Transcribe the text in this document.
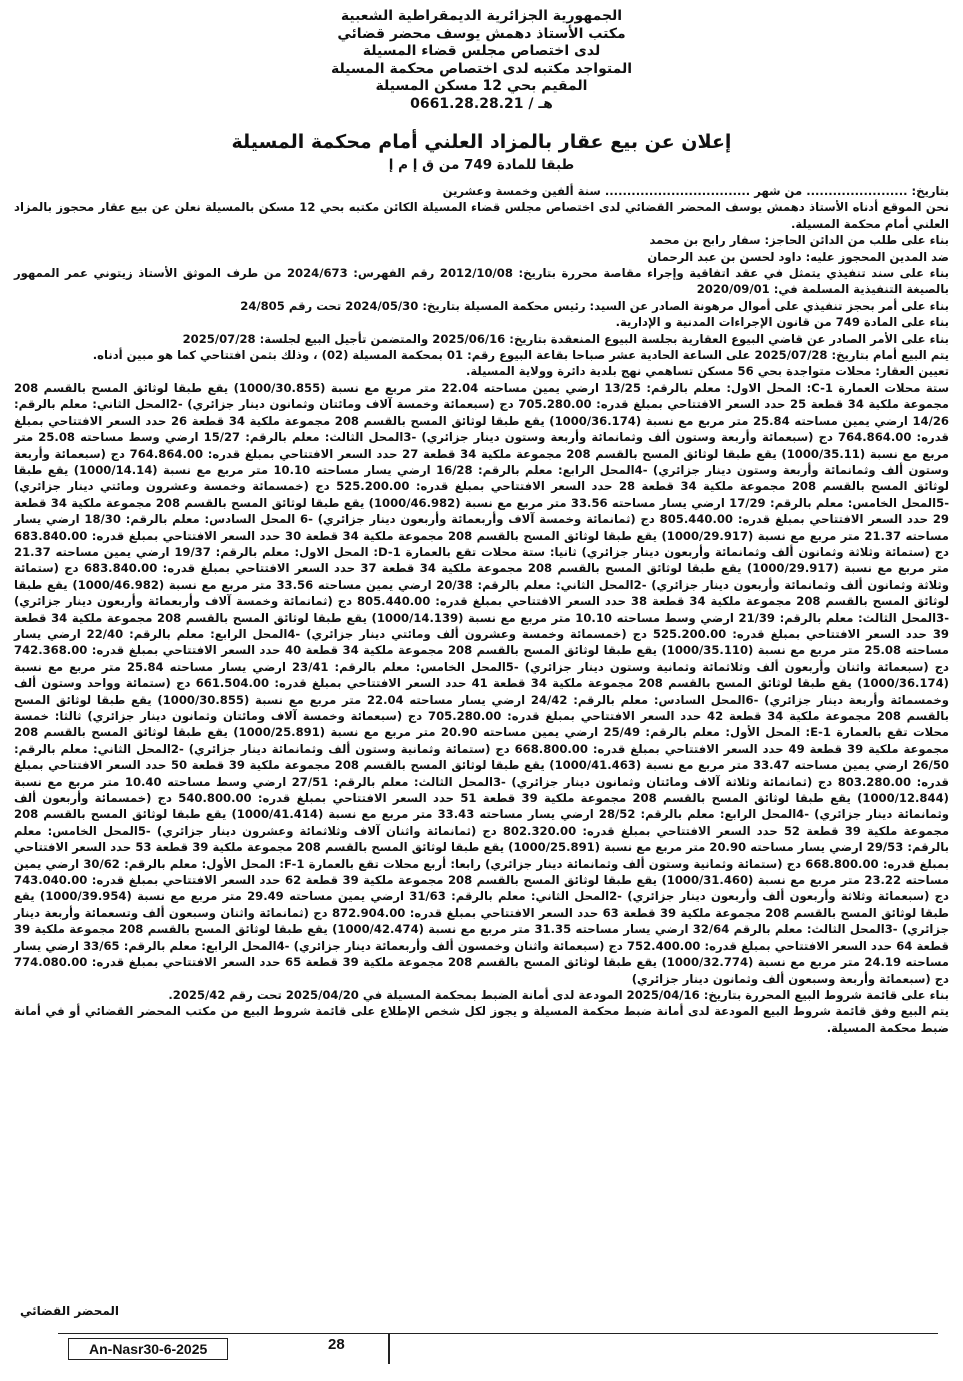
الجمهورية الجزائرية الديمقراطية الشعبية
مكتب الأستاذ دهمش يوسف محضر قضائي
لدى اختصاص مجلس قضاء المسيلة
المتواجد مكتبه لدى اختصاص محكمة المسيلة
المقيم بحي 12 مسكن المسيلة
هـ / 0661.28.28.21
إعلان عن بيع عقار بالمزاد العلني أمام محكمة المسيلة
طبقا للمادة 749 من ق إ م إ

بتاريخ: ....................... من شهر ................................. سنة ألفين وخمسة وعشرين

نحن الموقع أدناه الأستاذ دهمش يوسف المحضر القضائي لدى اختصاص مجلس قضاء المسيلة الكائن مكتبه بحي 12 مسكن بالمسيلة نعلن عن بيع عقار محجوز بالمزاد العلني أمام محكمة المسيلة.

بناء على طلب من الدائن الحاجز: سفار رابح بن محمد

ضد المدين المحجوز عليه: داود لحسن بن عبد الرحمان

بناء على سند تنفيذي يتمثل في عقد اتفاقية وإجراء مقاصة محررة بتاريخ: 2012/10/08 رقم الفهرس: 2024/673 من طرف الموثق الأستاذ زيتوني عمر الممهور بالصيغة التنفيذية المسلمة في: 2020/09/01

بناء على أمر بحجز تنفيذي على أموال مرهونة الصادر عن السيد: رئيس محكمة المسيلة بتاريخ: 2024/05/30 تحت رقم 24/805

بناء على المادة 749 من قانون الإجراءات المدنية و الإدارية.

بناء على الأمر الصادر عن قاضي البيوع العقارية بجلسة البيوع المنعقدة بتاريخ: 2025/06/16 والمتضمن تأجيل البيع لجلسة: 2025/07/28

يتم البيع أمام بتاريخ: 2025/07/28 على الساعة الحادية عشر صباحا بقاعة البيوع رقم: 01 بمحكمة المسيلة (02) ، وذلك بثمن افتتاحي كما هو مبين أدناه.

تعيين العقار: محلات متواجدة بحي 56 مسكن تساهمي نهج بلدية دائرة وولاية المسيلة.

ستة محلات العمارة C-1: المحل الاول: معلم بالرقم: 13/25 ارضي يمين مساحته 22.04 متر مربع مع نسبة (1000/30.855) يقع طبقا لوثائق المسح بالقسم 208 مجموعة ملكية 34 قطعة 25 حدد السعر الافتتاحي بمبلغ قدره: 705.280.00 دج (سبعمائة وخمسة آلاف ومائتان وثمانون دينار جزائري) -2المحل الثاني: معلم بالرقم: 14/26 ارضي يمين مساحته 25.84 متر مربع مع نسبة (1000/36.174) يقع طبقا لوثائق المسح بالقسم 208 مجموعة ملكية 34 قطعة 26 حدد السعر الافتتاحي بمبلغ قدره: 764.864.00 دج (سبعمائة وأربعة وستون ألف وثمانمائة وأربعة وستون دينار جزائري) -3المحل الثالث: معلم بالرقم: 15/27 ارضي وسط مساحته 25.08 متر مربع مع نسبة (1000/35.11) يقع طبقا لوثائق المسح بالقسم 208 مجموعة ملكية 34 قطعة 27 حدد السعر الافتتاحي بمبلغ قدره: 764.864.00 دج (سبعمائة وأربعة وستون ألف وثمانمائة وأربعة وستون دينار جزائري) -4المحل الرابع: معلم بالرقم: 16/28 ارضي يسار مساحته 10.10 متر مربع مع نسبة (1000/14.14) يقع طبقا لوثائق المسح بالقسم 208 مجموعة ملكية 34 قطعة 28 حدد السعر الافتتاحي بمبلغ قدره: 525.200.00 دج (خمسمائة وخمسة وعشرون ومائتي دينار جزائري) -5المحل الخامس: معلم بالرقم: 17/29 ارضي يسار مساحته 33.56 متر مربع مع نسبة (1000/46.982) يقع طبقا لوثائق المسح بالقسم 208 مجموعة ملكية 34 قطعة 29 حدد السعر الافتتاحي بمبلغ قدره: 805.440.00 دج (ثمانمائة وخمسة آلاف وأربعمائة وأربعون دينار جزائري) -6 المحل السادس: معلم بالرقم: 18/30 ارضي يسار مساحته 21.37 متر مربع مع نسبة (1000/29.917) يقع طبقا لوثائق المسح بالقسم 208 مجموعة ملكية 34 قطعة 30 حدد السعر الافتتاحي بمبلغ قدره: 683.840.00 دج (ستمائة وثلاثة وثمانون ألف وثمانمائة وأربعون دينار جزائري) ثانيا: ستة محلات تقع بالعمارة D-1: المحل الاول: معلم بالرقم: 19/37 ارضي يمين مساحته 21.37 متر مربع مع نسبة (1000/29.917) يقع طبقا لوثائق المسح بالقسم 208 مجموعة ملكية 34 قطعة 37 حدد السعر الافتتاحي بمبلغ قدره: 683.840.00 دج (ستمائة وثلاثة وثمانون ألف وثمانمائة وأربعون دينار جزائري) -2المحل الثاني: معلم بالرقم: 20/38 ارضي يمين مساحته 33.56 متر مربع مع نسبة (1000/46.982) يقع طبقا لوثائق المسح بالقسم 208 مجموعة ملكية 34 قطعة 38 حدد السعر الافتتاحي بمبلغ قدره: 805.440.00 دج (ثمانمائة وخمسة آلاف وأربعمائة وأربعون دينار جزائري) -3المحل الثالث: معلم بالرقم: 21/39 ارضي وسط مساحته 10.10 متر مربع مع نسبة (1000/14.139) يقع طبقا لوثائق المسح بالقسم 208 مجموعة ملكية 34 قطعة 39 حدد السعر الافتتاحي بمبلغ قدره: 525.200.00 دج (خمسمائة وخمسة وعشرون ألف ومائتي دينار جزائري) -4المحل الرابع: معلم بالرقم: 22/40 ارضي يسار مساحته 25.08 متر مربع مع نسبة (1000/35.110) يقع طبقا لوثائق المسح بالقسم 208 مجموعة ملكية 34 قطعة 40 حدد السعر الافتتاحي بمبلغ قدره: 742.368.00 دج (سبعمائة واثنان وأربعون ألف وثلاثمائة وثمانية وستون دينار جزائري) -5المحل الخامس: معلم بالرقم: 23/41 ارضي يسار مساحته 25.84 متر مربع مع نسبة (1000/36.174) يقع طبقا لوثائق المسح بالقسم 208 مجموعة ملكية 34 قطعة 41 حدد السعر الافتتاحي بمبلغ قدره: 661.504.00 دج (ستمائة وواحد وستون ألف وخمسمائة وأربعة دينار جزائري) -6المحل السادس: معلم بالرقم: 24/42 ارضي يسار مساحته 22.04 متر مربع مع نسبة (1000/30.855) يقع طبقا لوثائق المسح بالقسم 208 مجموعة ملكية 34 قطعة 42 حدد السعر الافتتاحي بمبلغ قدره: 705.280.00 دج (سبعمائة وخمسة آلاف ومائتان وثمانون دينار جزائري) ثالثا: خمسة محلات تقع بالعمارة E-1: المحل الأول: معلم بالرقم: 25/49 ارضي يمين مساحته 20.90 متر مربع مع نسبة (1000/25.891) يقع طبقا لوثائق المسح بالقسم 208 مجموعة ملكية 39 قطعة 49 حدد السعر الافتتاحي بمبلغ قدره: 668.800.00 دج (ستمائة وثمانية وستون ألف وثمانمائة دينار جزائري) -2المحل الثاني: معلم بالرقم: 26/50 ارضي يمين مساحته 33.47 متر مربع مع نسبة (1000/41.463) يقع طبقا لوثائق المسح بالقسم 208 مجموعة ملكية 39 قطعة 50 حدد السعر الافتتاحي بمبلغ قدره: 803.280.00 دج (ثمانمائة وثلاثة آلاف ومائتان وثمانون دينار جزائري) -3المحل الثالث: معلم بالرقم: 27/51 ارضي وسط مساحته 10.40 متر مربع مع نسبة (1000/12.844) يقع طبقا لوثائق المسح بالقسم 208 مجموعة ملكية 39 قطعة 51 حدد السعر الافتتاحي بمبلغ قدره: 540.800.00 دج (خمسمائة وأربعون ألف وثمانمائة دينار جزائري) -4المحل الرابع: معلم بالرقم: 28/52 ارضي يسار مساحته 33.43 متر مربع مع نسبة (1000/41.414) يقع طبقا لوثائق المسح بالقسم 208 مجموعة ملكية 39 قطعة 52 حدد السعر الافتتاحي بمبلغ قدره: 802.320.00 دج (ثمانمائة واثنان آلاف وثلاثمائة وعشرون دينار جزائري) -5المحل الخامس: معلم بالرقم: 29/53 ارضي يسار مساحته 20.90 متر مربع مع نسبة (1000/25.891) يقع طبقا لوثائق المسح بالقسم 208 مجموعة ملكية 39 قطعة 53 حدد السعر الافتتاحي بمبلغ قدره: 668.800.00 دج (ستمائة وثمانية وستون ألف وثمانمائة دينار جزائري) رابعا: أربع محلات تقع بالعمارة F-1: المحل الأول: معلم بالرقم: 30/62 ارضي يمين مساحته 23.22 متر مربع مع نسبة (1000/31.460) يقع طبقا لوثائق المسح بالقسم 208 مجموعة ملكية 39 قطعة 62 حدد السعر الافتتاحي بمبلغ قدره: 743.040.00 دج (سبعمائة وثلاثة وأربعون ألف وأربعون دينار جزائري) -2المحل الثاني: معلم بالرقم: 31/63 ارضي يمين مساحته 29.49 متر مربع مع نسبة (1000/39.954) يقع طبقا لوثائق المسح بالقسم 208 مجموعة ملكية 39 قطعة 63 حدد السعر الافتتاحي بمبلغ قدره: 872.904.00 دج (ثمانمائة واثنان وسبعون ألف وتسعمائة وأربعة دينار جزائري) -3المحل الثالث: معلم بالرقم 32/64 ارضي يسار مساحته 31.35 متر مربع مع نسبة (1000/42.474) يقع طبقا لوثائق المسح بالقسم 208 مجموعة ملكية 39 قطعة 64 حدد السعر الافتتاحي بمبلغ قدره: 752.400.00 دج (سبعمائة واثنان وخمسون ألف وأربعمائة دينار جزائري) -4المحل الرابع: معلم بالرقم: 33/65 ارضي يسار مساحته 24.19 متر مربع مع نسبة (1000/32.774) يقع طبقا لوثائق المسح بالقسم 208 مجموعة ملكية 39 قطعة 65 حدد السعر الافتتاحي بمبلغ قدره: 774.080.00 دج (سبعمائة وأربعة وسبعون ألف وثمانون دينار جزائري)

بناء على قائمة شروط البيع المحررة بتاريخ: 2025/04/16 المودعة لدى أمانة الضبط بمحكمة المسيلة في 2025/04/20 تحت رقم 2025/42.

يتم البيع وفق قائمة شروط البيع المودعة لدى أمانة ضبط محكمة المسيلة و يجوز لكل شخص الإطلاع على قائمة شروط البيع من مكتب المحضر القضائي أو في أمانة ضبط محكمة المسيلة.

المحضر القضائي
An-Nasr30-6-2025	28
